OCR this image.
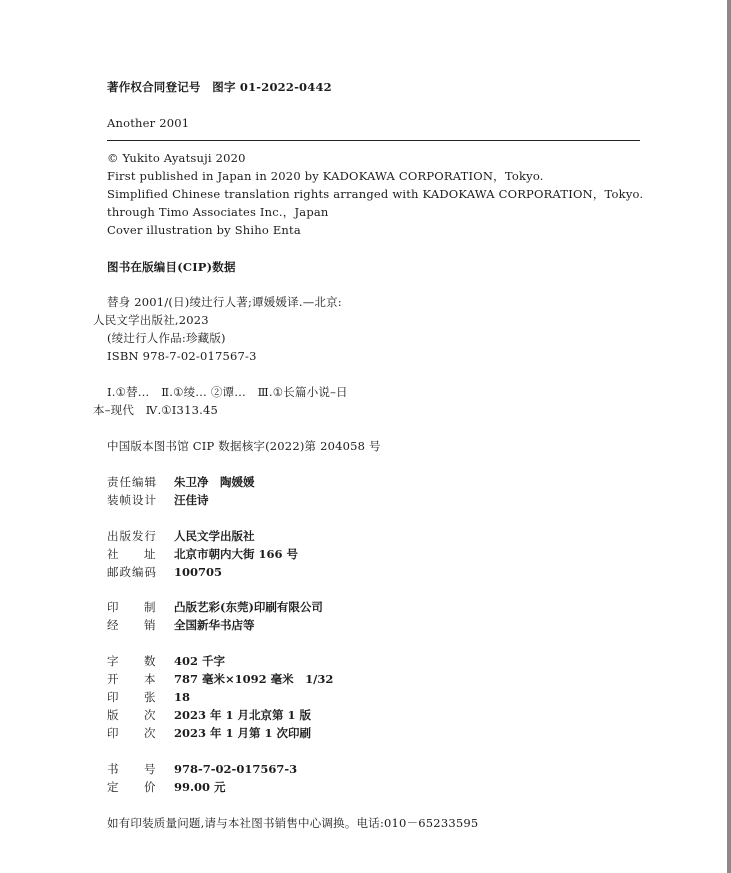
著作权合同登记号　图字 01-2022-0442
Another 2001
© Yukito Ayatsuji 2020
First published in Japan in 2020 by KADOKAWA CORPORATION，Tokyo.
Simplified Chinese translation rights arranged with KADOKAWA CORPORATION，Tokyo.
through Timo Associates Inc.，Japan
Cover illustration by Shiho Enta
图书在版编目(CIP)数据
替身 2001/(日)绫辻行人著;谭媛媛译.—北京:
人民文学出版社,2023
(绫辻行人作品:珍藏版)
ISBN 978-7-02-017567-3
Ⅰ.①替…　Ⅱ.①绫… ②谭…　Ⅲ.①长篇小说–日
本–现代　Ⅳ.①I313.45
中国版本图书馆 CIP 数据核字(2022)第 204058 号
责任编辑 朱卫净　陶媛媛
装帧设计 汪佳诗
出版发行 人民文学出版社
社 址 北京市朝内大街 166 号
邮政编码 100705
印 制 凸版艺彩(东莞)印刷有限公司
经 销 全国新华书店等
字 数 402 千字
开 本 787 毫米×1092 毫米　1/32
印 张 18
版 次 2023 年 1 月北京第 1 版
印 次 2023 年 1 月第 1 次印刷
书 号 978-7-02-017567-3
定 价 99.00 元
如有印装质量问题,请与本社图书销售中心调换。电话:010－65233595
